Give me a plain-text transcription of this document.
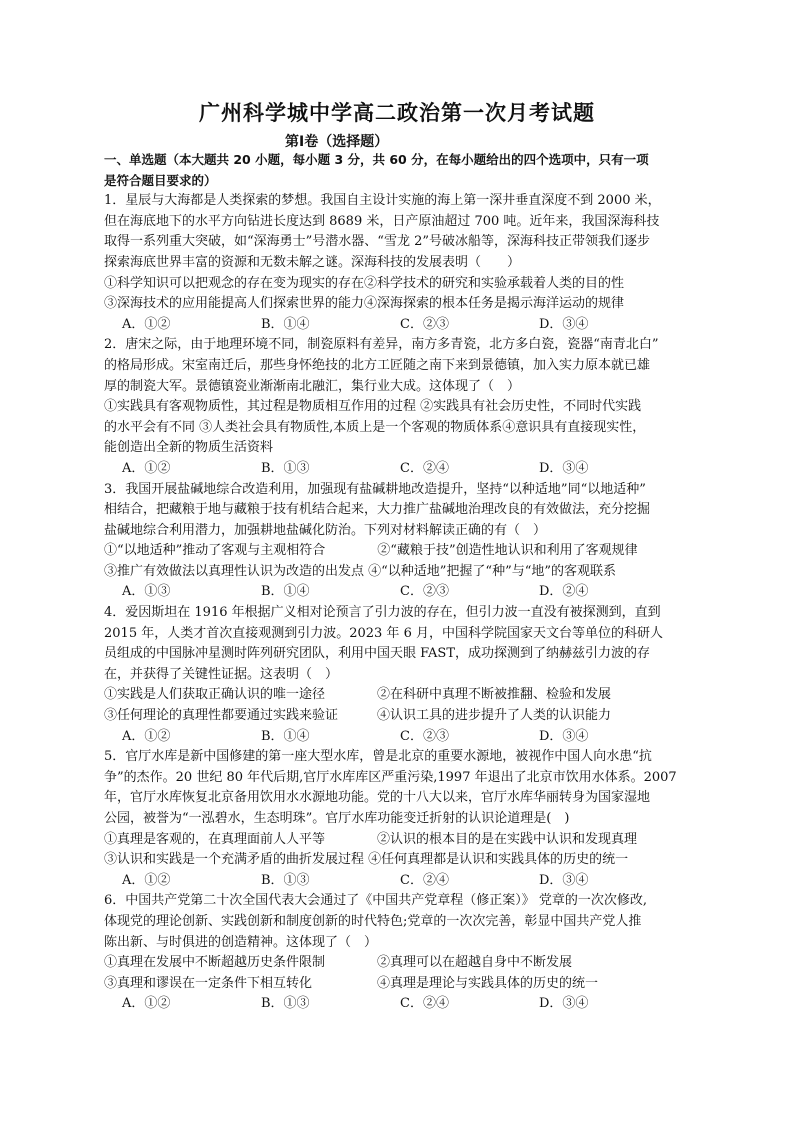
广州科学城中学高二政治第一次月考试题
第Ⅰ卷（选择题）
一、单选题（本大题共 20 小题，每小题 3 分，共 60 分，在每小题给出的四个选项中，只有一项
是符合题目要求的）
1．星辰与大海都是人类探索的梦想。我国自主设计实施的海上第一深井垂直深度不到 2000 米，
但在海底地下的水平方向钻进长度达到 8689 米，日产原油超过 700 吨。近年来，我国深海科技
取得一系列重大突破，如“深海勇士”号潜水器、“雪龙 2”号破冰船等，深海科技正带领我们逐步
探索海底世界丰富的资源和无数未解之谜。深海科技的发展表明（　　）
①科学知识可以把观念的存在变为现实的存在②科学技术的研究和实验承载着人类的目的性
③深海技术的应用能提高人们探索世界的能力④深海探索的根本任务是揭示海洋运动的规律
A．①②	B．①④	C．②③	D．③④
2．唐宋之际，由于地理环境不同，制瓷原料有差异，南方多青瓷，北方多白瓷，瓷器“南青北白”
的格局形成。宋室南迁后，那些身怀绝技的北方工匠随之南下来到景德镇，加入实力原本就已雄
厚的制瓷大军。景德镇瓷业渐渐南北融汇，集行业大成。这体现了（　）
①实践具有客观物质性，其过程是物质相互作用的过程 ②实践具有社会历史性，不同时代实践
的水平会有不同 ③人类社会具有物质性,本质上是一个客观的物质体系④意识具有直接现实性，
能创造出全新的物质生活资料
A．①②	B．①③	C．②④	D．③④
3．我国开展盐碱地综合改造利用，加强现有盐碱耕地改造提升，坚持“以种适地”同“以地适种”
相结合，把藏粮于地与藏粮于技有机结合起来，大力推广盐碱地治理改良的有效做法，充分挖掘
盐碱地综合利用潜力，加强耕地盐碱化防治。下列对材料解读正确的有（　）
①“以地适种”推动了客观与主观相符合　　　　②“藏粮于技”创造性地认识和利用了客观规律
③推广有效做法以真理性认识为改造的出发点 ④“以种适地”把握了“种”与“地”的客观联系
A．①③	B．①④	C．②③	D．②④
4．爱因斯坦在 1916 年根据广义相对论预言了引力波的存在，但引力波一直没有被探测到，直到
2015 年，人类才首次直接观测到引力波。2023 年 6 月，中国科学院国家天文台等单位的科研人
员组成的中国脉冲星测时阵列研究团队，利用中国天眼 FAST，成功探测到了纳赫兹引力波的存
在，并获得了关键性证据。这表明（　）
①实践是人们获取正确认识的唯一途径　　　　②在科研中真理不断被推翻、检验和发展
③任何理论的真理性都要通过实践来验证　　　④认识工具的进步提升了人类的认识能力
A．①②	B．①④	C．②③	D．③④
5．官厅水库是新中国修建的第一座大型水库，曾是北京的重要水源地，被视作中国人向水患“抗
争”的杰作。20 世纪 80 年代后期,官厅水库库区严重污染,1997 年退出了北京市饮用水体系。2007
年，官厅水库恢复北京备用饮用水水源地功能。党的十八大以来，官厅水库华丽转身为国家湿地
公园，被誉为“一泓碧水，生态明珠”。官厅水库功能变迁折射的认识论道理是(　)
①真理是客观的，在真理面前人人平等　　　　②认识的根本目的是在实践中认识和发现真理
③认识和实践是一个充满矛盾的曲折发展过程 ④任何真理都是认识和实践具体的历史的统一
A．①②	B．①③	C．②④	D．③④
6．中国共产党第二十次全国代表大会通过了《中国共产党章程（修正案）》 党章的一次次修改,
体现党的理论创新、实践创新和制度创新的时代特色;党章的一次次完善，彰显中国共产党人推
陈出新、与时俱进的创造精神。这体现了（　）
①真理在发展中不断超越历史条件限制　　　　②真理可以在超越自身中不断发展
③真理和谬误在一定条件下相互转化　　　　　④真理是理论与实践具体的历史的统一
A．①②	B．①③	C．②④	D．③④
